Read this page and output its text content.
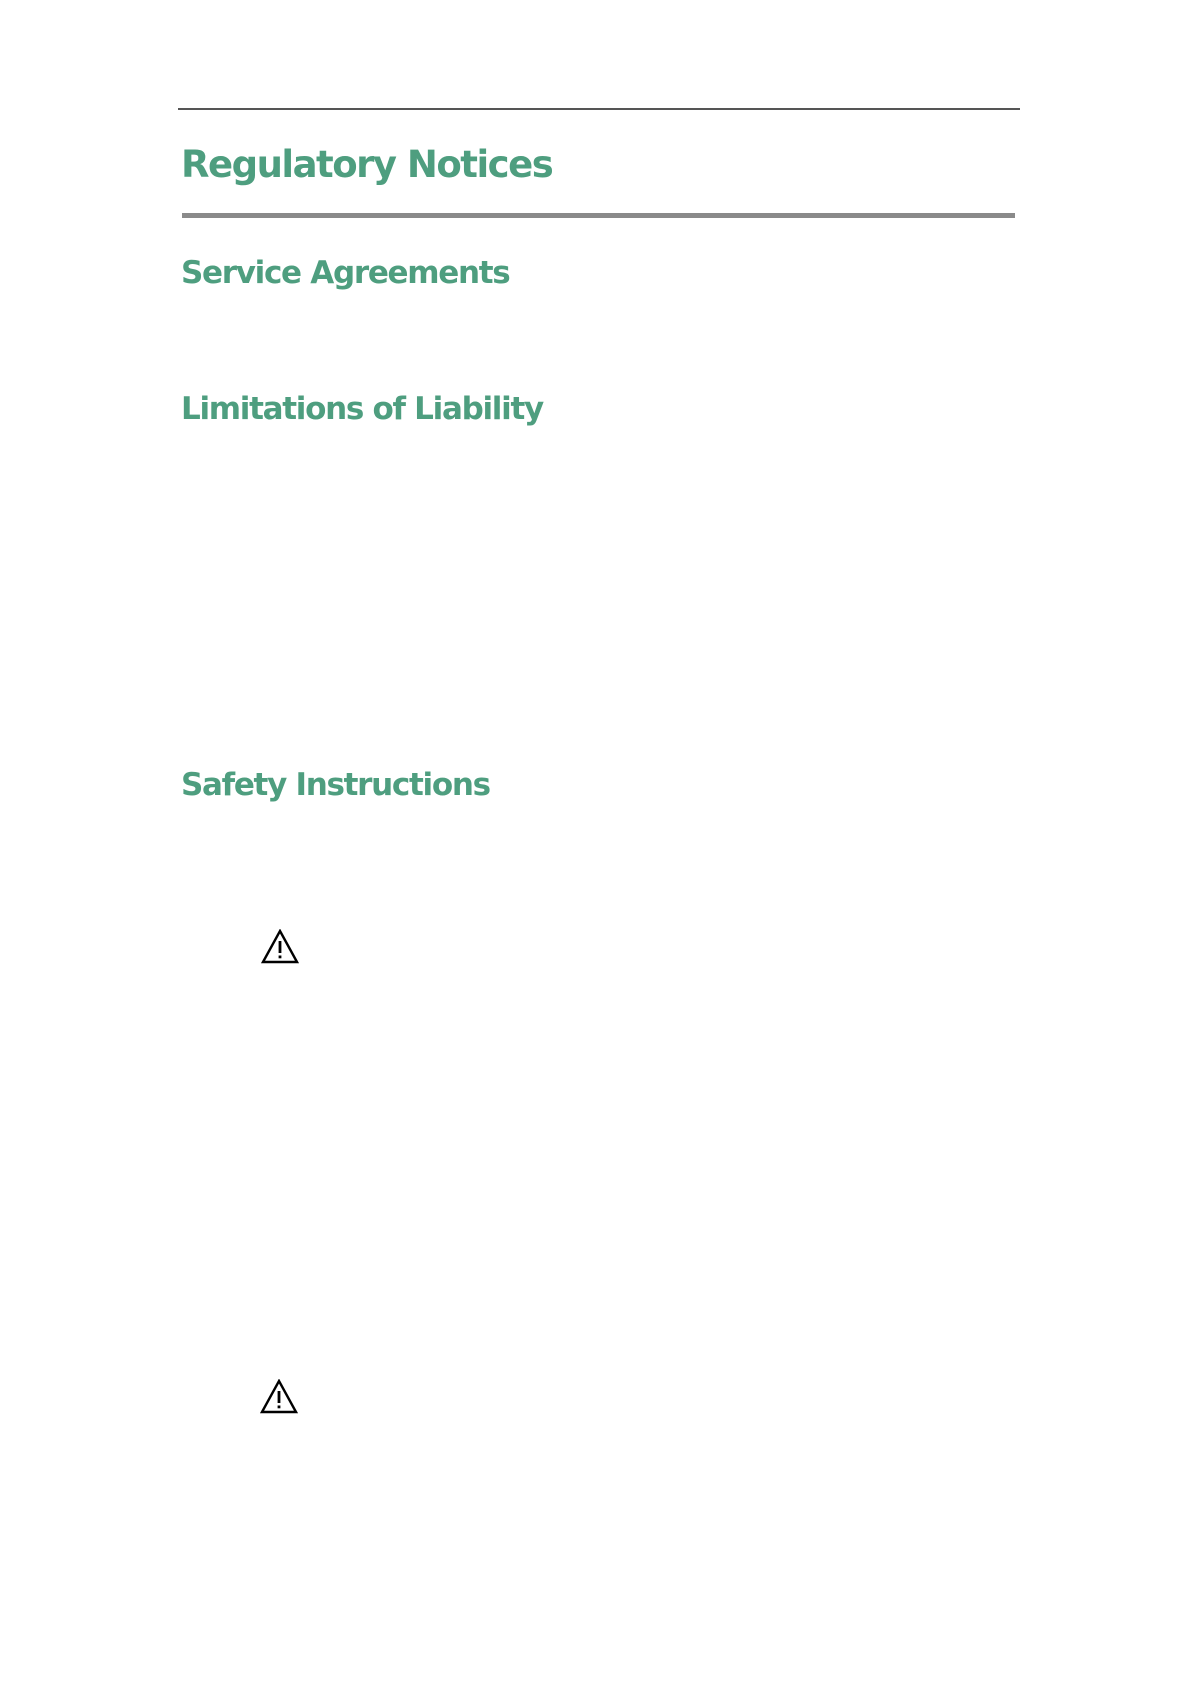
Regulatory Notices
Service Agreements
Limitations of Liability
Safety Instructions
